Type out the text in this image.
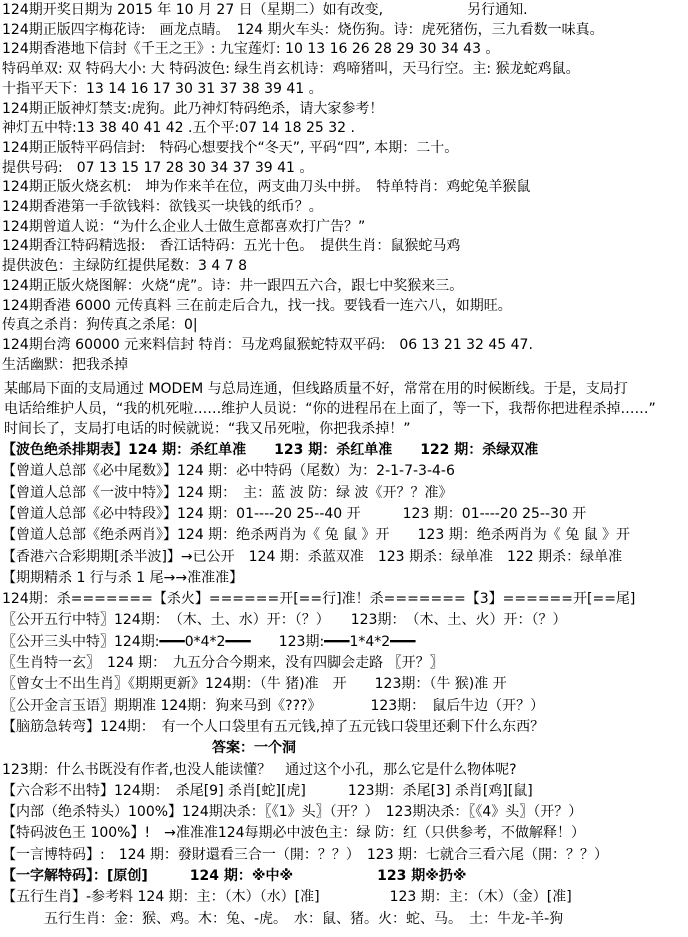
124期开奖日期为 2015 年 10 月 27 日（星期二）如有改变,　　　　　　另行通知.
124期正版四字梅花诗:　画龙点睛。　124 期火车头：烧伤狗。诗：虎死猪伤，三九看数一味真。
124期香港地下信封《千王之王》: 九宝莲灯: 10 13 16 26 28 29 30 34 43 。
特码单双: 双 特码大小: 大 特码波色: 绿生肖玄机诗：鸡啼猪叫，天马行空。主: 猴龙蛇鸡鼠。
十指平天下：13 14 16 17 30 31 37 38 39 41 。
124期正版神灯禁支:虎狗。此乃神灯特码绝杀，请大家参考！
神灯五中特:13 38 40 41 42 .五个平:07 14 18 25 32 .
124期正版特平码信封:　特码心想要找个“冬天”, 平码“四”, 本期：二十。
提供号码:　07 13 15 17 28 30 34 37 39 41 。
124期正版火烧玄机:　坤为作来羊在位，两支曲刀头中拼。　特单特肖：鸡蛇兔羊猴鼠
124期香港第一手欲钱料：欲钱买一块钱的纸币？。
124期曾道人说：“为什么企业人士做生意都喜欢打广告？”
124期香江特码精选报:　香江话特码：五光十色。　提供生肖：鼠猴蛇马鸡
提供波色：主绿防红提供尾数：3 4 7 8
124期正版火烧图解：火烧“虎”。诗：井一跟四五六合，跟七中奖猴来三。
124期香港 6000 元传真料 三在前走后合九，找一找。要钱看一连六八，如期旺。
传真之杀肖：狗传真之杀尾：0|
124期台湾 60000 元来料信封 特肖：马龙鸡鼠猴蛇特双平码:　06 13 21 32 45 47.
生活幽默：把我杀掉
某邮局下面的支局通过 MODEM 与总局连通，但线路质量不好，常常在用的时候断线。于是，支局打
电话给维护人员，“我的机死啦……维护人员说：“你的进程吊在上面了，等一下，我帮你把进程杀掉……”
时间长了，支局打电话的时候就说：“我又吊死啦，你把我杀掉！”
【波色绝杀排期表】124 期：杀红单准　　123 期：杀红单准　　122 期：杀绿双准
【曾道人总部《必中尾数》】124 期：必中特码（尾数）为：2-1-7-3-4-6
【曾道人总部《一波中特》】124 期：　主：蓝 波 防：绿 波《开？？准》
【曾道人总部《必中特段》】124 期：01----20 25--40 开　　　123 期：01----20 25--30 开
【曾道人总部《绝杀两肖》】124 期：绝杀两肖为《 兔 鼠 》开　　123 期：绝杀两肖为《 兔 鼠 》开
【香港六合彩期期[杀半波]】→已公开　124 期：杀蓝双准　123 期杀：绿单准　122 期杀：绿单准
【期期精杀 1 行与杀 1 尾→→准准准】
124期：杀=======【杀火】======开[==行]准！杀=======【3】======开[==尾]
〖公开五行中特〗124期：　（木、土、水）开：（？）　　123期：　（木、土、火）开：（？）
〖公开三头中特〗124期:━━━0*4*2━━━　　123期:━━━1*4*2━━━
〖生肖特一玄〗　124 期：　九五分合今期来，没有四脚会走路 〖开？〗
〖曾女士不出生肖〗《期期更新》124期：（牛 猪)准　开　　123期：（牛 猴)准 开
〖公开金言玉语〗期期准 124期：狗来马到《???》　　　　123期：　鼠后牛边（开？）
【脑筋急转弯】124期：　有一个人口袋里有五元钱,掉了五元钱口袋里还剩下什么东西？
　　　　　　　　　　　　　　　答案：一个洞
123期：什么书既没有作者,也没人能读懂？　通过这个小孔，那么它是什么物体呢?
【六合彩不出特】124期：　杀尾[9] 杀肖[蛇][虎]　　　123期：杀尾[3] 杀肖[鸡][鼠]
【内部（绝杀特头）100%】124期决杀：〖《1》头〗（开？）　123期决杀：〖《4》头〗（开？）
【特码波色王 100%】!　→准准准124每期必中波色主：绿 防：红（只供参考，不做解释！）
【一言博特码】:　124 期：發財還看三合一（開：？？）　123 期：七就合三看六尾（開：？？）
【一字解特码】：[原创]　　　124 期：※中※　　　　　　123 期※扔※
【五行生肖】-参考料 124 期：主：（木）（水）[准]　　　　　123 期：主：（木）（金）[准]
　　　五行生肖：金：猴、鸡。木：兔、-虎。　水：鼠、猪。火：蛇、马。　土：牛龙-羊-狗
